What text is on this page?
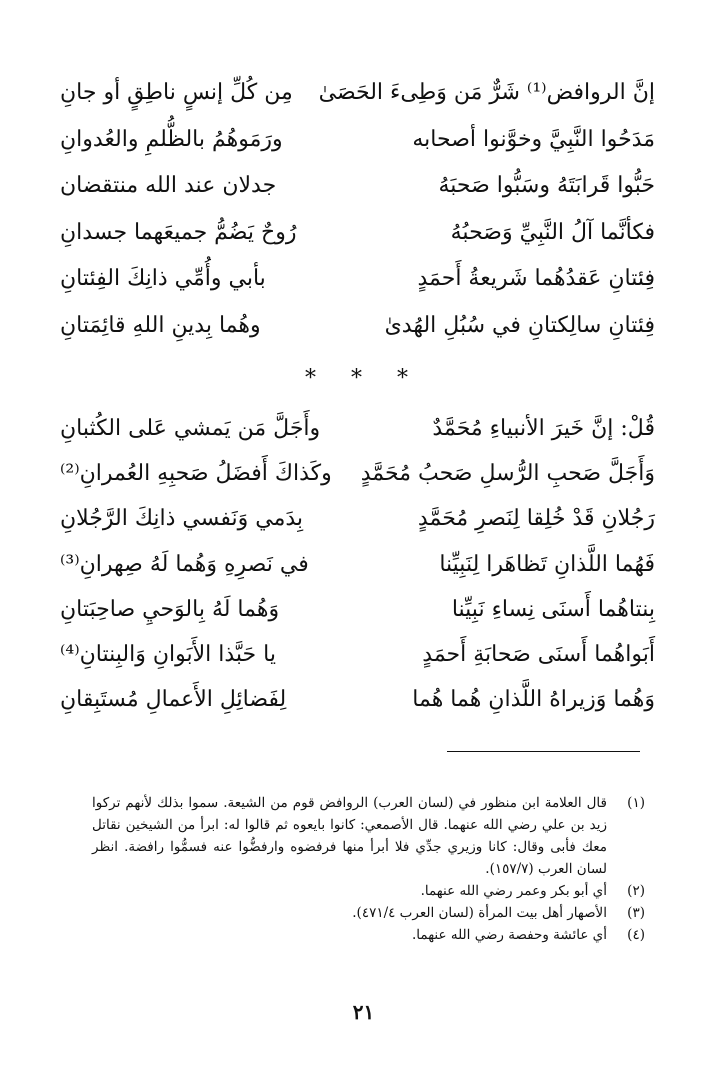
إنَّ الروافض⁽¹⁾ شَرٌّ مَن وَطِىءَ الحَصَىٰ
مِن كُلِّ إنسٍ ناطِقٍ أو جانِ
مَدَحُوا النَّبِيَّ وخوَّنوا أصحابه
ورَمَوهُمُ بالظُّلمِ والعُدوانِ
حَبُّوا قَرابَتَهُ وسَبُّوا صَحبَهُ
جدلان عند الله منتقضان
فكأنَّما آلُ النَّبِيِّ وَصَحبُهُ
رُوحٌ يَضُمُّ جميعَهما جسدانِ
فِئتانِ عَقدُهُما شَريعةُ أَحمَدٍ
بأبي وأُمِّي ذانِكَ الفِئتانِ
فِئتانِ سالِكتانِ في سُبُلِ الهُدىٰ
وهُما بِدينِ اللهِ قائِمَتانِ
* * *
قُلْ: إنَّ خَيرَ الأنبياءِ مُحَمَّدٌ
وأَجَلَّ مَن يَمشي عَلى الكُثبانِ
وَأَجَلَّ صَحبِ الرُّسلِ صَحبُ مُحَمَّدٍ
وكَذاكَ أَفضَلُ صَحبِهِ العُمرانِ⁽²⁾
رَجُلانِ قَدْ خُلِقا لِنَصرِ مُحَمَّدٍ
بِدَمي وَنَفسي ذانِكَ الرَّجُلانِ
فَهُما اللَّذانِ تَظاهَرا لِنَبِيِّنا
في نَصرِهِ وَهُما لَهُ صِهرانِ⁽³⁾
بِنتاهُما أَسنَى نِساءِ نَبِيِّنا
وَهُما لَهُ بِالوَحيِ صاحِبَتانِ
أَبَواهُما أَسنَى صَحابَةِ أَحمَدٍ
يا حَبَّذا الأَبَوانِ وَالبِنتانِ⁽⁴⁾
وَهُما وَزيراهُ اللَّذانِ هُما هُما
لِفَضائِلِ الأَعمالِ مُستَبِقانِ
(١)
قال العلامة ابن منظور في (لسان العرب) الروافض قوم من الشيعة. سموا بذلك لأنهم تركوا زيد بن علي رضي الله عنهما. قال الأصمعي: كانوا بايعوه ثم قالوا له: ابرأ من الشيخين نقاتل معك فأبى وقال: كانا وزيري جدِّي فلا أبرأ منها فرفضوه وارفضُّوا عنه فسمُّوا رافضة. انظر لسان العرب (١٥٧/٧).
(٢)
أي أبو بكر وعمر رضي الله عنهما.
(٣)
الأصهار أهل بيت المرأة (لسان العرب ٤٧١/٤).
(٤)
أي عائشة وحفصة رضي الله عنهما.
٢١
